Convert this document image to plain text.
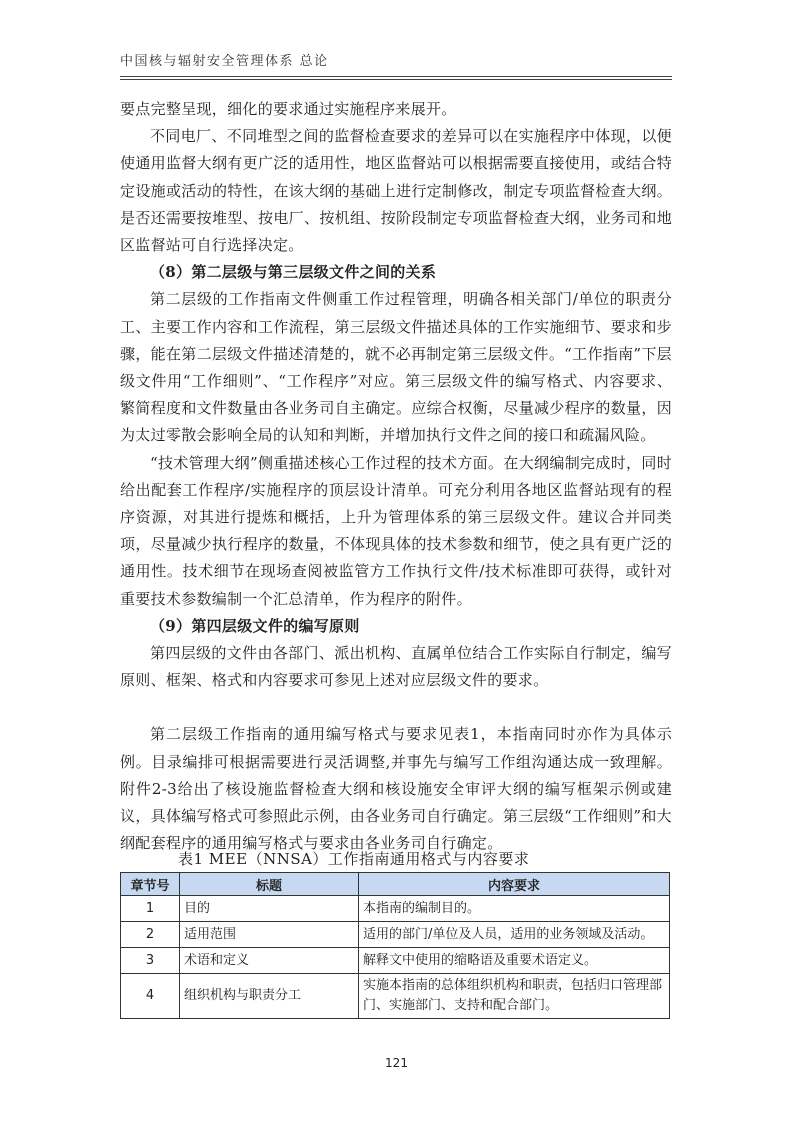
中国核与辐射安全管理体系 总论

要点完整呈现，细化的要求通过实施程序来展开。

不同电厂、不同堆型之间的监督检查要求的差异可以在实施程序中体现，以便使通用监督大纲有更广泛的适用性，地区监督站可以根据需要直接使用，或结合特定设施或活动的特性，在该大纲的基础上进行定制修改，制定专项监督检查大纲。是否还需要按堆型、按电厂、按机组、按阶段制定专项监督检查大纲，业务司和地区监督站可自行选择决定。

（8）第二层级与第三层级文件之间的关系

第二层级的工作指南文件侧重工作过程管理，明确各相关部门/单位的职责分工、主要工作内容和工作流程，第三层级文件描述具体的工作实施细节、要求和步骤，能在第二层级文件描述清楚的，就不必再制定第三层级文件。“工作指南”下层级文件用“工作细则”、“工作程序”对应。第三层级文件的编写格式、内容要求、繁简程度和文件数量由各业务司自主确定。应综合权衡，尽量减少程序的数量，因为太过零散会影响全局的认知和判断，并增加执行文件之间的接口和疏漏风险。

“技术管理大纲”侧重描述核心工作过程的技术方面。在大纲编制完成时，同时给出配套工作程序/实施程序的顶层设计清单。可充分利用各地区监督站现有的程序资源，对其进行提炼和概括，上升为管理体系的第三层级文件。建议合并同类项，尽量减少执行程序的数量，不体现具体的技术参数和细节，使之具有更广泛的通用性。技术细节在现场查阅被监管方工作执行文件/技术标准即可获得，或针对重要技术参数编制一个汇总清单，作为程序的附件。

（9）第四层级文件的编写原则

第四层级的文件由各部门、派出机构、直属单位结合工作实际自行制定，编写原则、框架、格式和内容要求可参见上述对应层级文件的要求。

第二层级工作指南的通用编写格式与要求见表1，本指南同时亦作为具体示例。目录编排可根据需要进行灵活调整,并事先与编写工作组沟通达成一致理解。附件2-3给出了核设施监督检查大纲和核设施安全审评大纲的编写框架示例或建议，具体编写格式可参照此示例，由各业务司自行确定。第三层级“工作细则”和大纲配套程序的通用编写格式与要求由各业务司自行确定。

表1 MEE（NNSA）工作指南通用格式与内容要求
章节号	标题	内容要求
1	目的	本指南的编制目的。
2	适用范围	适用的部门/单位及人员，适用的业务领域及活动。
3	术语和定义	解释文中使用的缩略语及重要术语定义。
4	组织机构与职责分工	实施本指南的总体组织机构和职责，包括归口管理部门、实施部门、支持和配合部门。
121
